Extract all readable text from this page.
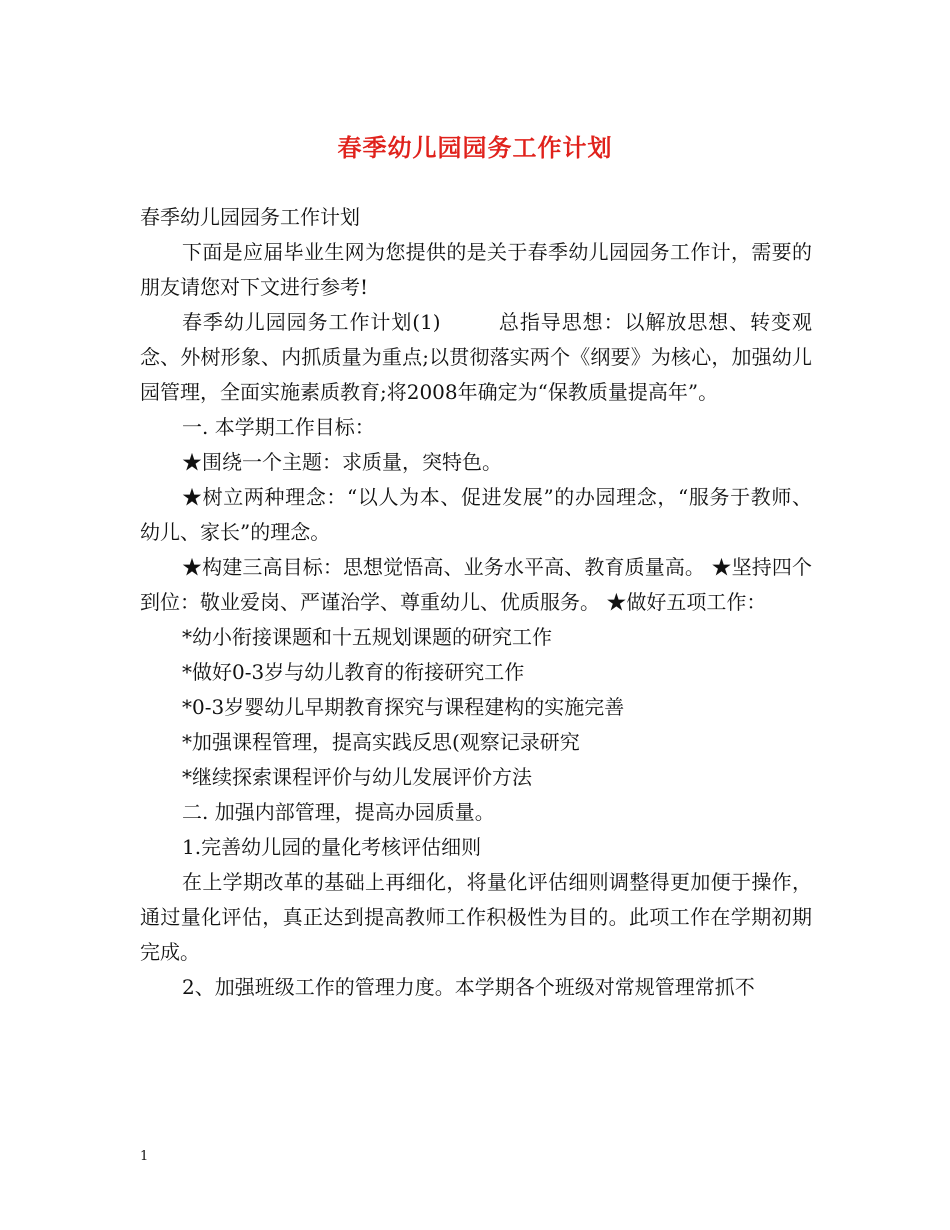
春季幼儿园园务工作计划

春季幼儿园园务工作计划

下面是应届毕业生网为您提供的是关于春季幼儿园园务工作计，需要的朋友请您对下文进行参考!

春季幼儿园园务工作计划(1)        总指导思想：以解放思想、转变观念、外树形象、内抓质量为重点;以贯彻落实两个《纲要》为核心，加强幼儿园管理，全面实施素质教育;将2008年确定为“保教质量提高年”。

一. 本学期工作目标：

★围绕一个主题：求质量，突特色。

★树立两种理念：“以人为本、促进发展”的办园理念，“服务于教师、幼儿、家长”的理念。

★构建三高目标：思想觉悟高、业务水平高、教育质量高。 ★坚持四个到位：敬业爱岗、严谨治学、尊重幼儿、优质服务。 ★做好五项工作：

*幼小衔接课题和十五规划课题的研究工作

*做好0-3岁与幼儿教育的衔接研究工作

*0-3岁婴幼儿早期教育探究与课程建构的实施完善

*加强课程管理，提高实践反思(观察记录研究

*继续探索课程评价与幼儿发展评价方法

二. 加强内部管理，提高办园质量。

1.完善幼儿园的量化考核评估细则

在上学期改革的基础上再细化，将量化评估细则调整得更加便于操作，通过量化评估，真正达到提高教师工作积极性为目的。此项工作在学期初期完成。

2、加强班级工作的管理力度。本学期各个班级对常规管理常抓不

1
